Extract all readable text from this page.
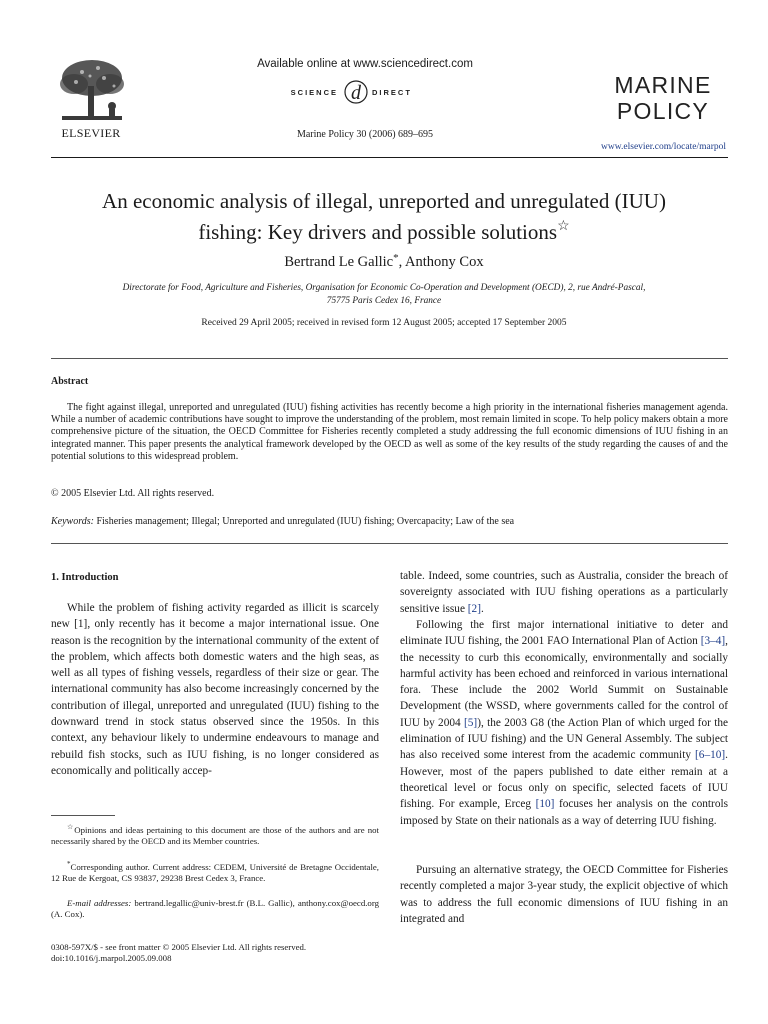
ELSEVIER
Available online at www.sciencedirect.com
SCIENCE d DIRECT
Marine Policy 30 (2006) 689–695
MARINE
POLICY
www.elsevier.com/locate/marpol
An economic analysis of illegal, unreported and unregulated (IUU)
fishing: Key drivers and possible solutions☆
Bertrand Le Gallic*, Anthony Cox
Directorate for Food, Agriculture and Fisheries, Organisation for Economic Co-Operation and Development (OECD), 2, rue André-Pascal,
75775 Paris Cedex 16, France
Received 29 April 2005; received in revised form 12 August 2005; accepted 17 September 2005
Abstract
The fight against illegal, unreported and unregulated (IUU) fishing activities has recently become a high priority in the international fisheries management agenda. While a number of academic contributions have sought to improve the understanding of the problem, most remain limited in scope. To help policy makers obtain a more comprehensive picture of the situation, the OECD Committee for Fisheries recently completed a study addressing the full economic dimensions of IUU fishing in an integrated manner. This paper presents the analytical framework developed by the OECD as well as some of the key results of the study regarding the causes of and the potential solutions to this widespread problem.
© 2005 Elsevier Ltd. All rights reserved.
Keywords: Fisheries management; Illegal; Unreported and unregulated (IUU) fishing; Overcapacity; Law of the sea
1. Introduction
While the problem of fishing activity regarded as illicit is scarcely new [1], only recently has it become a major international issue. One reason is the recognition by the international community of the extent of the problem, which affects both domestic waters and the high seas, as well as all types of fishing vessels, regardless of their size or gear. The international community has also become increasingly concerned by the contribution of illegal, unreported and unregulated (IUU) fishing to the downward trend in stock status observed since the 1950s. In this context, any behaviour likely to undermine endeavours to manage and rebuild fish stocks, such as IUU fishing, is no longer considered as economically and politically accep-
table. Indeed, some countries, such as Australia, consider the breach of sovereignty associated with IUU fishing operations as a particularly sensitive issue [2].
Following the first major international initiative to deter and eliminate IUU fishing, the 2001 FAO International Plan of Action [3–4], the necessity to curb this economically, environmentally and socially harmful activity has been echoed and reinforced in various international fora. These include the 2002 World Summit on Sustainable Development (the WSSD, where governments called for the control of IUU by 2004 [5]), the 2003 G8 (the Action Plan of which urged for the elimination of IUU fishing) and the UN General Assembly. The subject has also received some interest from the academic community [6–10]. However, most of the papers published to date either remain at a theoretical level or focus only on specific, selected facets of IUU fishing. For example, Erceg [10] focuses her analysis on the controls imposed by State on their nationals as a way of deterring IUU fishing.
Pursuing an alternative strategy, the OECD Committee for Fisheries recently completed a major 3-year study, the explicit objective of which was to address the full economic dimensions of IUU fishing in an integrated and
☆Opinions and ideas pertaining to this document are those of the authors and are not necessarily shared by the OECD and its Member countries.
*Corresponding author. Current address: CEDEM, Université de Bretagne Occidentale, 12 Rue de Kergoat, CS 93837, 29238 Brest Cedex 3, France.
E-mail addresses: bertrand.legallic@univ-brest.fr (B.L. Gallic), anthony.cox@oecd.org (A. Cox).
0308-597X/$ - see front matter © 2005 Elsevier Ltd. All rights reserved.
doi:10.1016/j.marpol.2005.09.008
